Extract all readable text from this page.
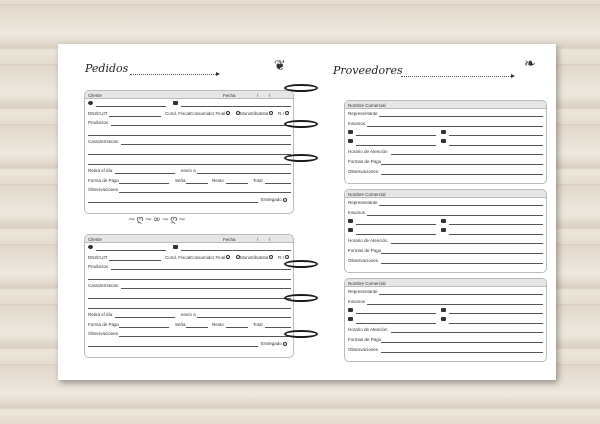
Pedidos	❦	Proveedores	❧
Cliente	Fecha	/ /
DNI/CUIT	Cond. Fiscal:
Consumidor Final	Monotributista	R.I
Productos
Características
Retira el día	envío a
Forma de Pago	Seña	Resto	Total
Observaciones
Entregado
~ღ~∞~ღ~
Cliente	Fecha	/ /
DNI/CUIT	Cond. Fiscal:
Consumidor Final	Monotributista	R.I
Productos
Características
Retira el día	envío a
Forma de Pago	Seña	Resto	Total
Observaciones
Entregado
Nombre Comercial
Representante
Insumos
Horario de Atención
Formas de Pago
Observaciones
Nombre Comercial
Representante
Insumos
Horario de Atención
Formas de Pago
Observaciones
Nombre Comercial
Representante
Insumos
Horario de Atención
Formas de Pago
Observaciones
